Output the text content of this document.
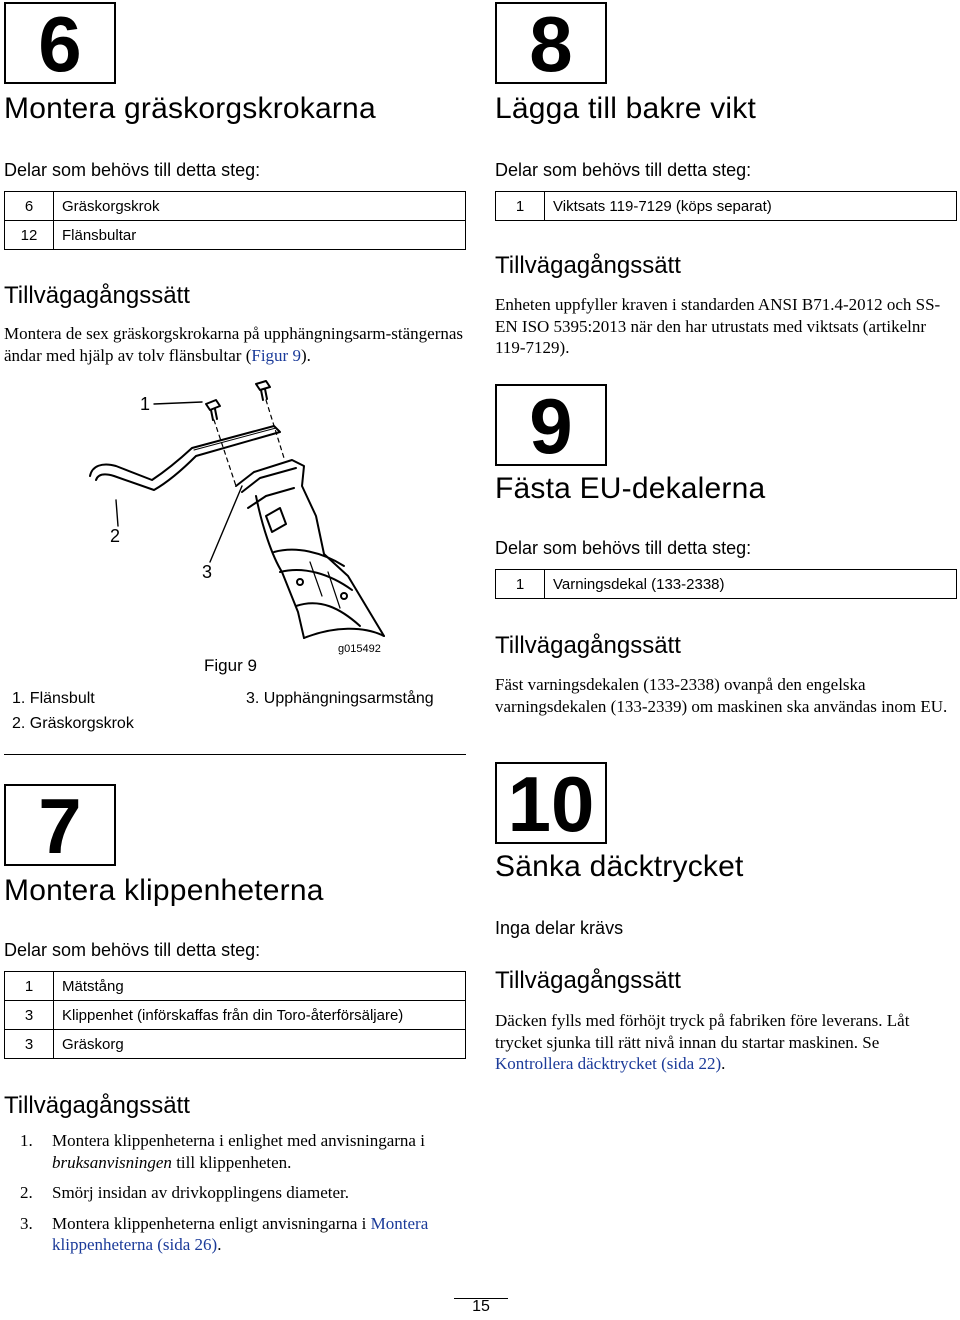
6
Montera gräskorgskrokarna
Delar som behövs till detta steg:
6	Gräskorgskrok
12	Flänsbultar
Tillvägagångssätt

Montera de sex gräskorgskrokarna på upphängningsarm-stängernas ändar med hjälp av tolv flänsbultar (Figur 9).

1
2
3
g015492
Figur 9
1. Flänsbult
2. Gräskorgskrok
3. Upphängningsarmstång
7
Montera klippenheterna
Delar som behövs till detta steg:
1	Mätstång
3	Klippenhet (införskaffas från din Toro-återförsäljare)
3	Gräskorg
Tillvägagångssätt
1. Montera klippenheterna i enlighet med anvisningarna i bruksanvisningen till klippenheten.
2. Smörj insidan av drivkopplingens diameter.
3. Montera klippenheterna enligt anvisningarna i Montera klippenheterna (sida 26).
8
Lägga till bakre vikt
Delar som behövs till detta steg:
1	Viktsats 119-7129 (köps separat)
Tillvägagångssätt

Enheten uppfyller kraven i standarden ANSI B71.4-2012 och SS-EN ISO 5395:2013 när den har utrustats med viktsats (artikelnr 119-7129).

9
Fästa EU-dekalerna
Delar som behövs till detta steg:
1	Varningsdekal (133-2338)
Tillvägagångssätt

Fäst varningsdekalen (133-2338) ovanpå den engelska varningsdekalen (133-2339) om maskinen ska användas inom EU.

10
Sänka däcktrycket
Inga delar krävs
Tillvägagångssätt

Däcken fylls med förhöjt tryck på fabriken före leverans. Låt trycket sjunka till rätt nivå innan du startar maskinen. Se Kontrollera däcktrycket (sida 22).

15
